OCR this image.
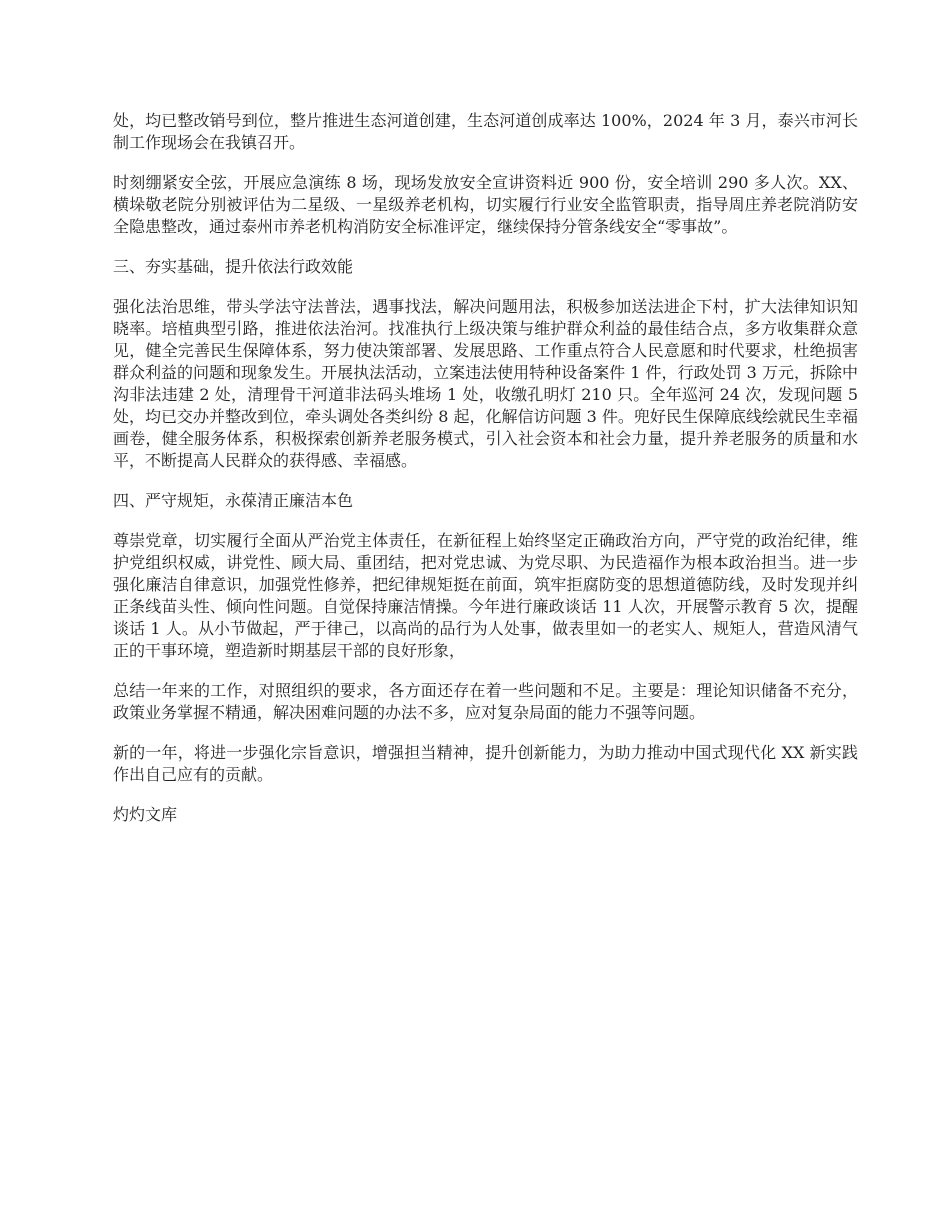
处，均已整改销号到位，整片推进生态河道创建，生态河道创成率达 100%，2024 年 3 月，泰兴市河长制工作现场会在我镇召开。

时刻绷紧安全弦，开展应急演练 8 场，现场发放安全宣讲资料近 900 份，安全培训 290 多人次。XX、横垛敬老院分别被评估为二星级、一星级养老机构，切实履行行业安全监管职责，指导周庄养老院消防安全隐患整改，通过泰州市养老机构消防安全标准评定，继续保持分管条线安全“零事故”。

三、夯实基础，提升依法行政效能

强化法治思维，带头学法守法普法，遇事找法，解决问题用法，积极参加送法进企下村，扩大法律知识知晓率。培植典型引路，推进依法治河。找准执行上级决策与维护群众利益的最佳结合点，多方收集群众意见，健全完善民生保障体系，努力使决策部署、发展思路、工作重点符合人民意愿和时代要求，杜绝损害群众利益的问题和现象发生。开展执法活动，立案违法使用特种设备案件 1 件，行政处罚 3 万元，拆除中沟非法违建 2 处，清理骨干河道非法码头堆场 1 处，收缴孔明灯 210 只。全年巡河 24 次，发现问题 5 处，均已交办并整改到位，牵头调处各类纠纷 8 起，化解信访问题 3 件。兜好民生保障底线绘就民生幸福画卷，健全服务体系，积极探索创新养老服务模式，引入社会资本和社会力量，提升养老服务的质量和水平，不断提高人民群众的获得感、幸福感。

四、严守规矩，永葆清正廉洁本色

尊崇党章，切实履行全面从严治党主体责任，在新征程上始终坚定正确政治方向，严守党的政治纪律，维护党组织权威，讲党性、顾大局、重团结，把对党忠诚、为党尽职、为民造福作为根本政治担当。进一步强化廉洁自律意识，加强党性修养，把纪律规矩挺在前面，筑牢拒腐防变的思想道德防线，及时发现并纠正条线苗头性、倾向性问题。自觉保持廉洁情操。今年进行廉政谈话 11 人次，开展警示教育 5 次，提醒谈话 1 人。从小节做起，严于律己，以高尚的品行为人处事，做表里如一的老实人、规矩人，营造风清气正的干事环境，塑造新时期基层干部的良好形象，

总结一年来的工作，对照组织的要求，各方面还存在着一些问题和不足。主要是：理论知识储备不充分，政策业务掌握不精通，解决困难问题的办法不多，应对复杂局面的能力不强等问题。

新的一年，将进一步强化宗旨意识，增强担当精神，提升创新能力，为助力推动中国式现代化 XX 新实践作出自己应有的贡献。

灼灼文库
